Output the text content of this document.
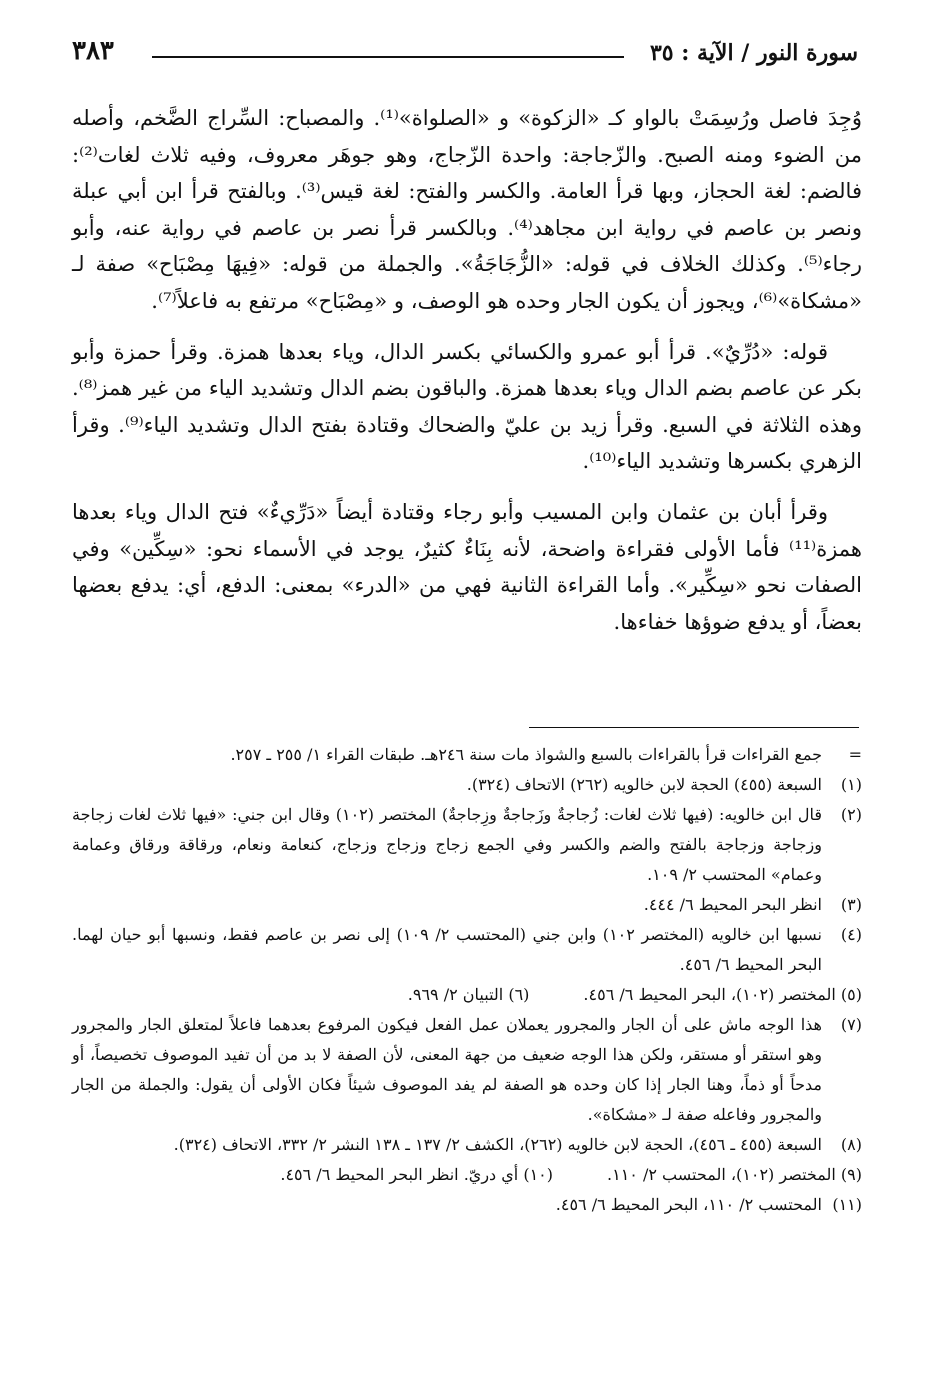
سورة النور / الآية : ٣٥
٣٨٣

وُجِدَ فاصل ورُسِمَتْ بالواو كـ «الزكوة» و «الصلواة»⁽¹⁾. والمصباح: السِّراج الضَّخم، وأصله من الضوء ومنه الصبح. والزّجاجة: واحدة الزّجاج، وهو جوهَر معروف، وفيه ثلاث لغات⁽²⁾: فالضم: لغة الحجاز، وبها قرأ العامة. والكسر والفتح: لغة قيس⁽³⁾. وبالفتح قرأ ابن أبي عبلة ونصر بن عاصم في رواية ابن مجاهد⁽⁴⁾. وبالكسر قرأ نصر بن عاصم في رواية عنه، وأبو رجاء⁽⁵⁾. وكذلك الخلاف في قوله: «الزُّجَاجَةُ». والجملة من قوله: «فِيهَا مِصْبَاح» صفة لـ «مشكاة»⁽⁶⁾، ويجوز أن يكون الجار وحده هو الوصف، و «مِصْبَاح» مرتفع به فاعلاً⁽⁷⁾.

قوله: «دُرِّيٌ». قرأ أبو عمرو والكسائي بكسر الدال، وياء بعدها همزة. وقرأ حمزة وأبو بكر عن عاصم بضم الدال وياء بعدها همزة. والباقون بضم الدال وتشديد الياء من غير همز⁽⁸⁾. وهذه الثلاثة في السبع. وقرأ زيد بن عليّ والضحاك وقتادة بفتح الدال وتشديد الياء⁽⁹⁾. وقرأ الزهري بكسرها وتشديد الياء⁽¹⁰⁾.

وقرأ أبان بن عثمان وابن المسيب وأبو رجاء وقتادة أيضاً «دَرِّيءٌ» فتح الدال وياء بعدها همزة⁽¹¹⁾ فأما الأولى فقراءة واضحة، لأنه بِنَاءٌ كثيرٌ، يوجد في الأسماء نحو: «سِكِّين» وفي الصفات نحو «سِكِّير». وأما القراءة الثانية فهي من «الدرء» بمعنى: الدفع، أي: يدفع بعضها بعضاً، أو يدفع ضوؤها خفاءها.

=
جمع القراءات قرأ بالقراءات بالسبع والشواذ مات سنة ٢٤٦هـ. طبقات القراء ١/ ٢٥٥ ـ ٢٥٧.
(١)
السبعة (٤٥٥) الحجة لابن خالويه (٢٦٢) الاتحاف (٣٢٤).
(٢)
قال ابن خالويه: (فيها ثلاث لغات: زُجاجةٌ وزَجاجةٌ وزِجاجةٌ) المختصر (١٠٢) وقال ابن جني: «فيها ثلاث لغات زجاجة وزجاجة وزجاجة بالفتح والضم والكسر وفي الجمع زجاج وزجاج وزجاج، كنعامة ونعام، ورقاقة ورقاق وعمامة وعمام» المحتسب ٢/ ١٠٩.
(٣)
انظر البحر المحيط ٦/ ٤٤٤.
(٤)
نسبها ابن خالويه (المختصر ١٠٢) وابن جني (المحتسب ٢/ ١٠٩) إلى نصر بن عاصم فقط، ونسبها أبو حيان لهما. البحر المحيط ٦/ ٤٥٦.
(٥) المختصر (١٠٢)، البحر المحيط ٦/ ٤٥٦.
(٦) التبيان ٢/ ٩٦٩.
(٧)
هذا الوجه ماش على أن الجار والمجرور يعملان عمل الفعل فيكون المرفوع بعدهما فاعلاً لمتعلق الجار والمجرور وهو استقر أو مستقر، ولكن هذا الوجه ضعيف من جهة المعنى، لأن الصفة لا بد من أن تفيد الموصوف تخصيصاً، أو مدحاً أو ذماً، وهنا الجار إذا كان وحده هو الصفة لم يفد الموصوف شيئاً فكان الأولى أن يقول: والجملة من الجار والمجرور وفاعله صفة لـ «مشكاة».
(٨)
السبعة (٤٥٥ ـ ٤٥٦)، الحجة لابن خالويه (٢٦٢)، الكشف ٢/ ١٣٧ ـ ١٣٨ النشر ٢/ ٣٣٢، الاتحاف (٣٢٤).
(٩) المختصر (١٠٢)، المحتسب ٢/ ١١٠.
(١٠) أي دريّ. انظر البحر المحيط ٦/ ٤٥٦.
(١١)
المحتسب ٢/ ١١٠، البحر المحيط ٦/ ٤٥٦.
